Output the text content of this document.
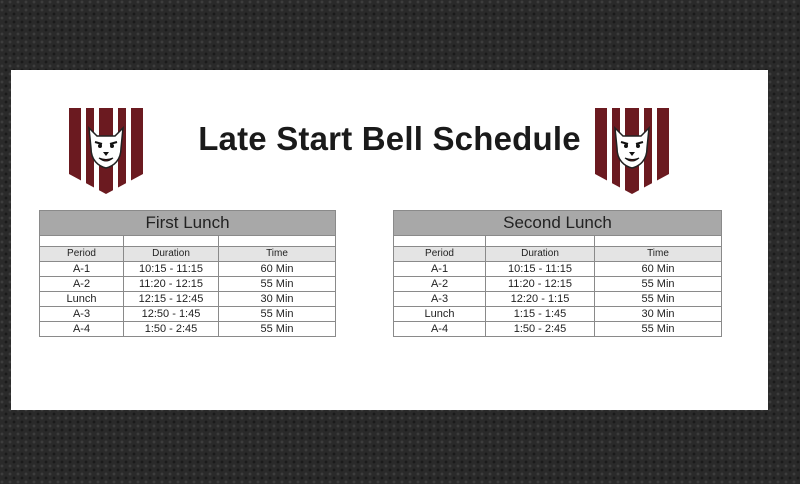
Late Start Bell Schedule
First Lunch		

Period	Duration	Time
A-1	10:15 - 11:15	60 Min
A-2	11:20 - 12:15	55 Min
Lunch	12:15 - 12:45	30 Min
A-3	12:50 - 1:45	55 Min
A-4	1:50 - 2:45	55 Min
Second Lunch		

Period	Duration	Time
A-1	10:15 - 11:15	60 Min
A-2	11:20 - 12:15	55 Min
A-3	12:20 - 1:15	55 Min
Lunch	1:15 - 1:45	30 Min
A-4	1:50 - 2:45	55 Min
